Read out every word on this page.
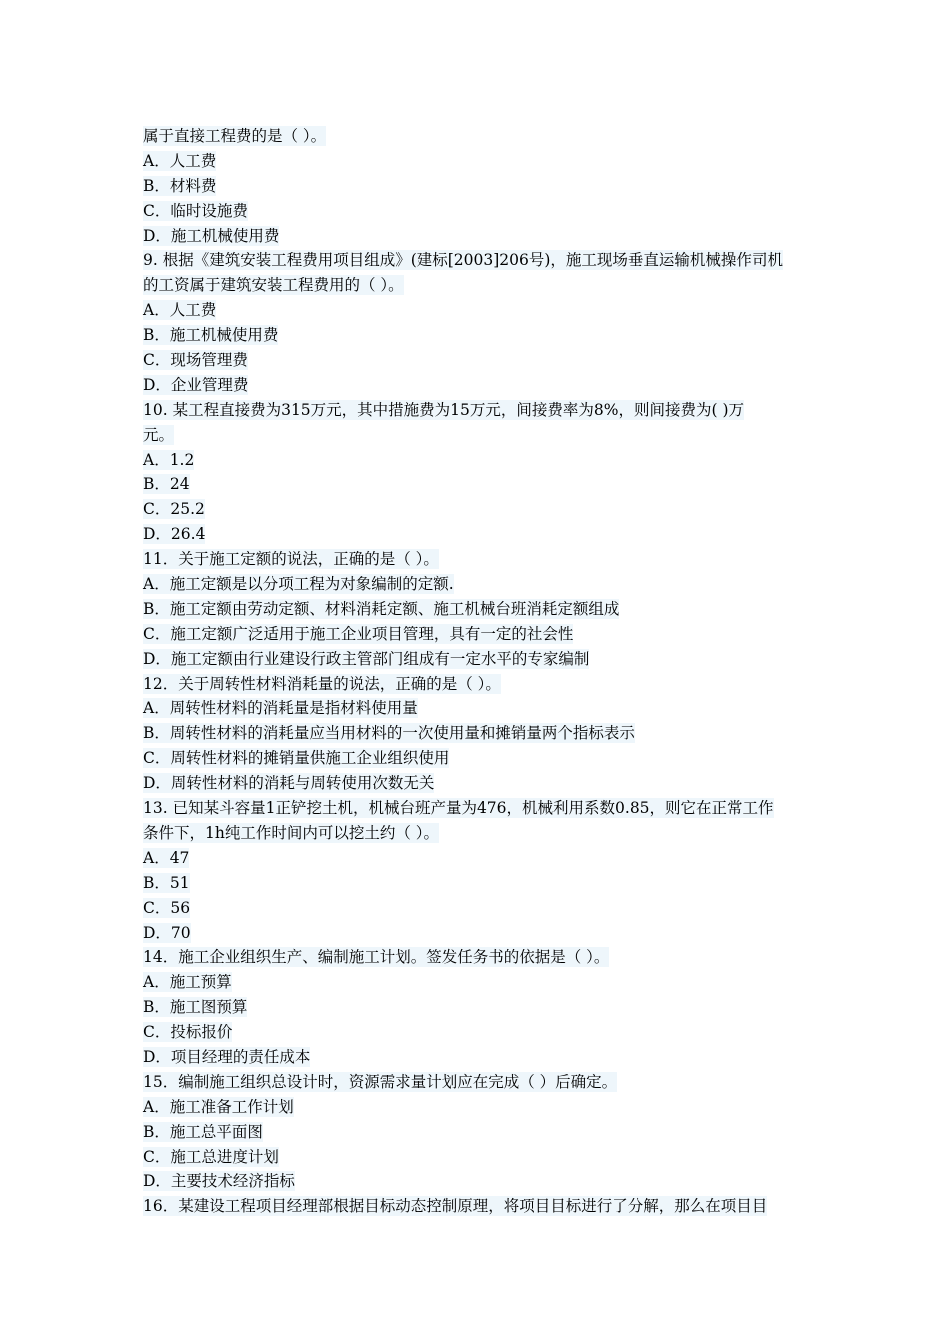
属于直接工程费的是（ ）。
A．人工费
B．材料费
C．临时设施费
D．施工机械使用费
9. 根据《建筑安装工程费用项目组成》(建标[2003]206号)，施工现场垂直运输机械操作司机
的工资属于建筑安装工程费用的（ ）。
A．人工费
B．施工机械使用费
C．现场管理费
D．企业管理费
10. 某工程直接费为315万元，其中措施费为15万元，间接费率为8%，则间接费为( )万
元。
A．1.2
B．24
C．25.2
D．26.4
11．关于施工定额的说法，正确的是（ ）。
A．施工定额是以分项工程为对象编制的定额.
B．施工定额由劳动定额、材料消耗定额、施工机械台班消耗定额组成
C．施工定额广泛适用于施工企业项目管理，具有一定的社会性
D．施工定额由行业建设行政主管部门组成有一定水平的专家编制
12．关于周转性材料消耗量的说法，正确的是（ ）。
A．周转性材料的消耗量是指材料使用量
B．周转性材料的消耗量应当用材料的一次使用量和摊销量两个指标表示
C．周转性材料的摊销量供施工企业组织使用
D．周转性材料的消耗与周转使用次数无关
13. 已知某斗容量1正铲挖土机，机械台班产量为476，机械利用系数0.85，则它在正常工作
条件下，1h纯工作时间内可以挖土约（ ）。
A．47
B．51
C．56
D．70
14．施工企业组织生产、编制施工计划。签发任务书的依据是（ ）。
A．施工预算
B．施工图预算
C．投标报价
D．项目经理的责任成本
15．编制施工组织总设计时，资源需求量计划应在完成（ ）后确定。
A．施工准备工作计划
B．施工总平面图
C．施工总进度计划
D．主要技术经济指标
16．某建设工程项目经理部根据目标动态控制原理，将项目目标进行了分解，那么在项目目
